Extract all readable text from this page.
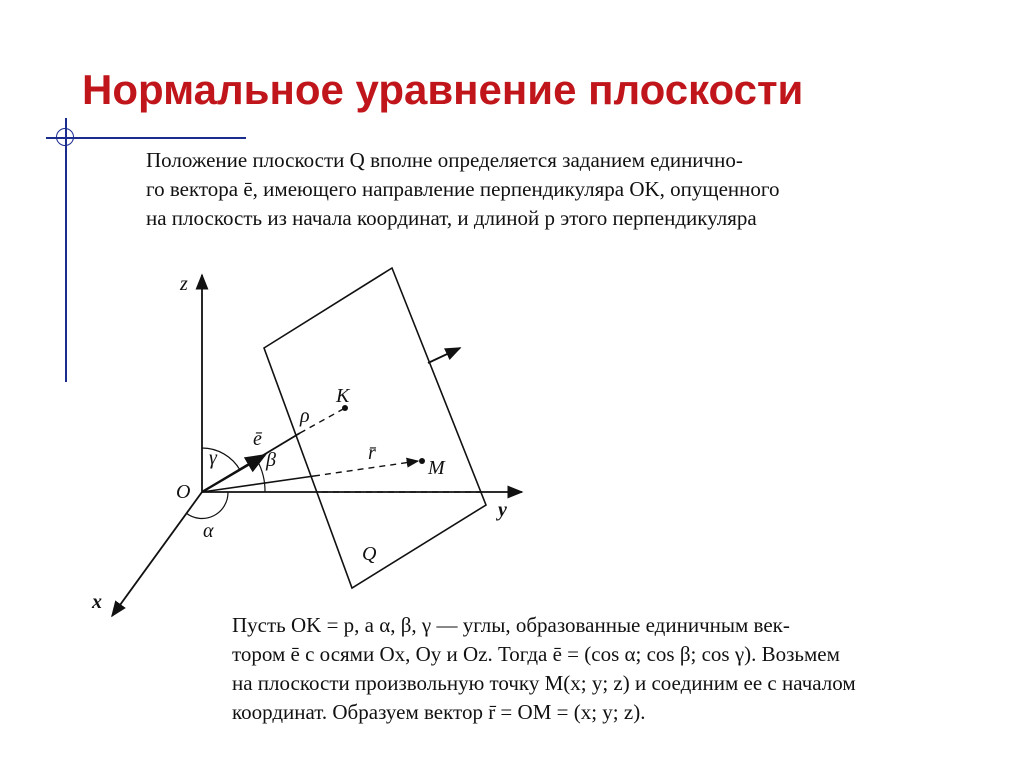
Нормальное уравнение плоскости
Положение плоскости Q вполне определяется заданием единично-
го вектора ē, имеющего направление перпендикуляра OK, опущенного
на плоскость из начала координат, и длиной p этого перпендикуляра
z
x
y
O
K
M
Q
ρ
ē
r̄
α
β
γ
Пусть OK = p, а α, β, γ — углы, образованные единичным век-
тором ē с осями Ox, Oy и Oz. Тогда ē = (cos α; cos β; cos γ). Возьмем
на плоскости произвольную точку M(x; y; z) и соединим ее с началом
координат. Образуем вектор r̄ = OM = (x; y; z).
